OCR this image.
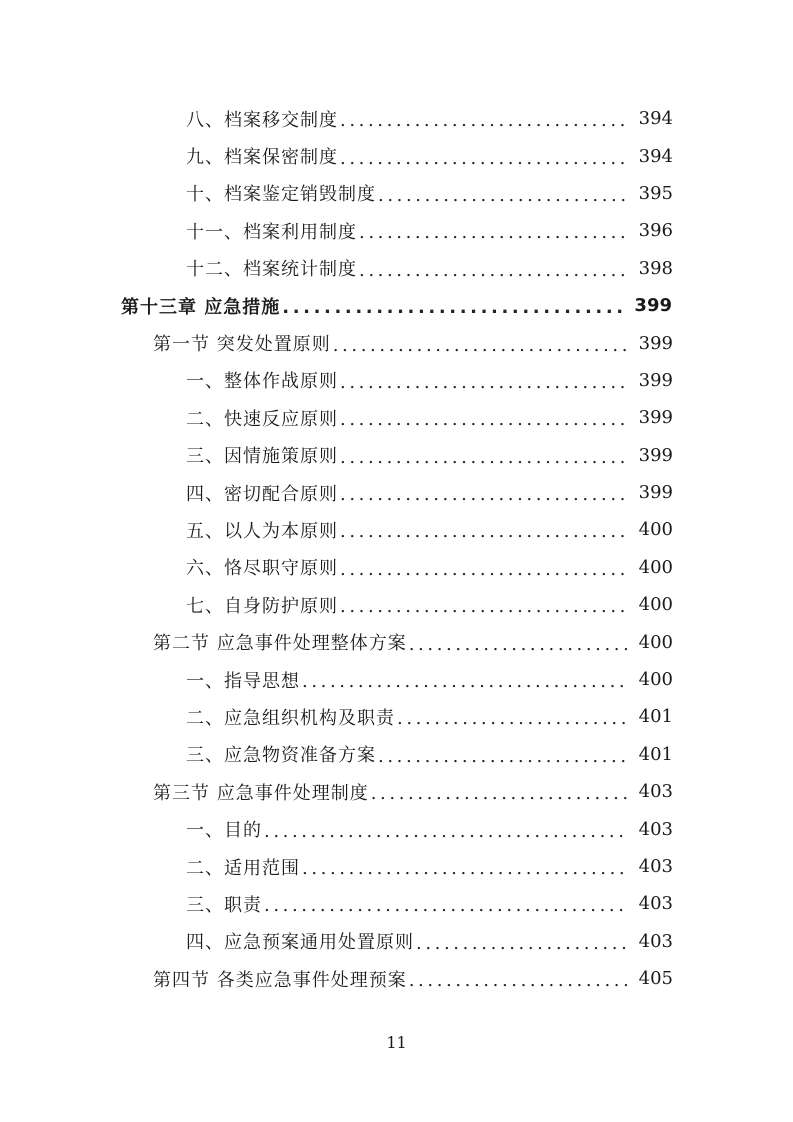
八、档案移交制度 .....	394
九、档案保密制度 .....	394
十、档案鉴定销毁制度 .....	395
十一、档案利用制度 .....	396
十二、档案统计制度 .....	398
第十三章 应急措施 .....	399
第一节 突发处置原则 .....	399
一、整体作战原则 .....	399
二、快速反应原则 .....	399
三、因情施策原则 .....	399
四、密切配合原则 .....	399
五、以人为本原则 .....	400
六、恪尽职守原则 .....	400
七、自身防护原则 .....	400
第二节 应急事件处理整体方案 .....	400
一、指导思想 .....	400
二、应急组织机构及职责 .....	401
三、应急物资准备方案 .....	401
第三节 应急事件处理制度 .....	403
一、目的 .....	403
二、适用范围 .....	403
三、职责 .....	403
四、应急预案通用处置原则 .....	403
第四节 各类应急事件处理预案 .....	405
11
